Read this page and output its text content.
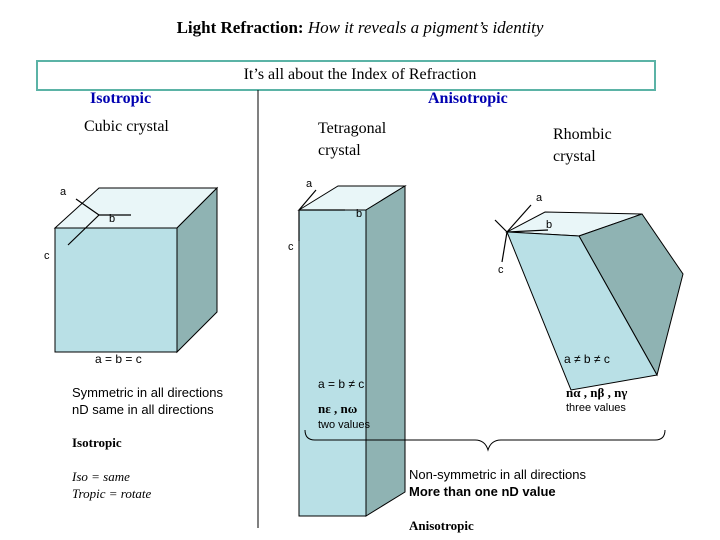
Light Refraction: How it reveals a pigment’s identity
It’s all about the Index of Refraction
Isotropic	Anisotropic
Cubic crystal	Tetragonal
crystal
Rhombic
crystal
a
b
c
a
b
c
a
b
c
a = b = c
a = b ≠ c
a ≠ b ≠ c
nε , nω
two values
nα , nβ , nγ
three values
Symmetric in all directions
nD same in all directions
Isotropic
Iso = same
Tropic = rotate
Non-symmetric in all directions
More than one nD value
Anisotropic
